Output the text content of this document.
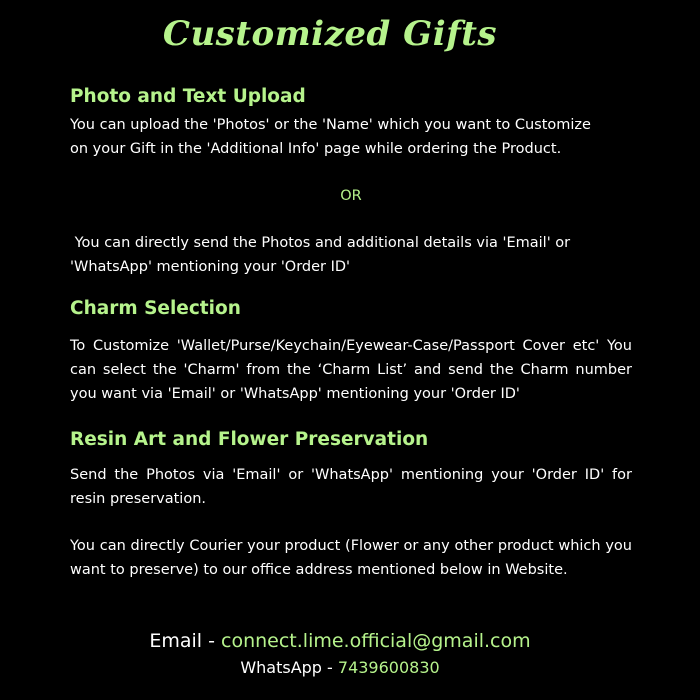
Customized Gifts
Photo and Text Upload

You can upload the 'Photos' or the 'Name' which you want to Customize
on your Gift in the 'Additional Info' page while ordering the Product.

OR

You can directly send the Photos and additional details via 'Email' or
'WhatsApp' mentioning your 'Order ID'

Charm Selection

To Customize 'Wallet/Purse/Keychain/Eyewear-Case/Passport Cover etc' You can select the 'Charm' from the ‘Charm List’ and send the Charm number you want via 'Email' or 'WhatsApp' mentioning your 'Order ID'

Resin Art and Flower Preservation

Send the Photos via 'Email' or 'WhatsApp' mentioning your 'Order ID' for resin preservation.

You can directly Courier your product (Flower or any other product which you want to preserve) to our office address mentioned below in Website.

Email - connect.lime.official@gmail.com
WhatsApp - 7439600830
